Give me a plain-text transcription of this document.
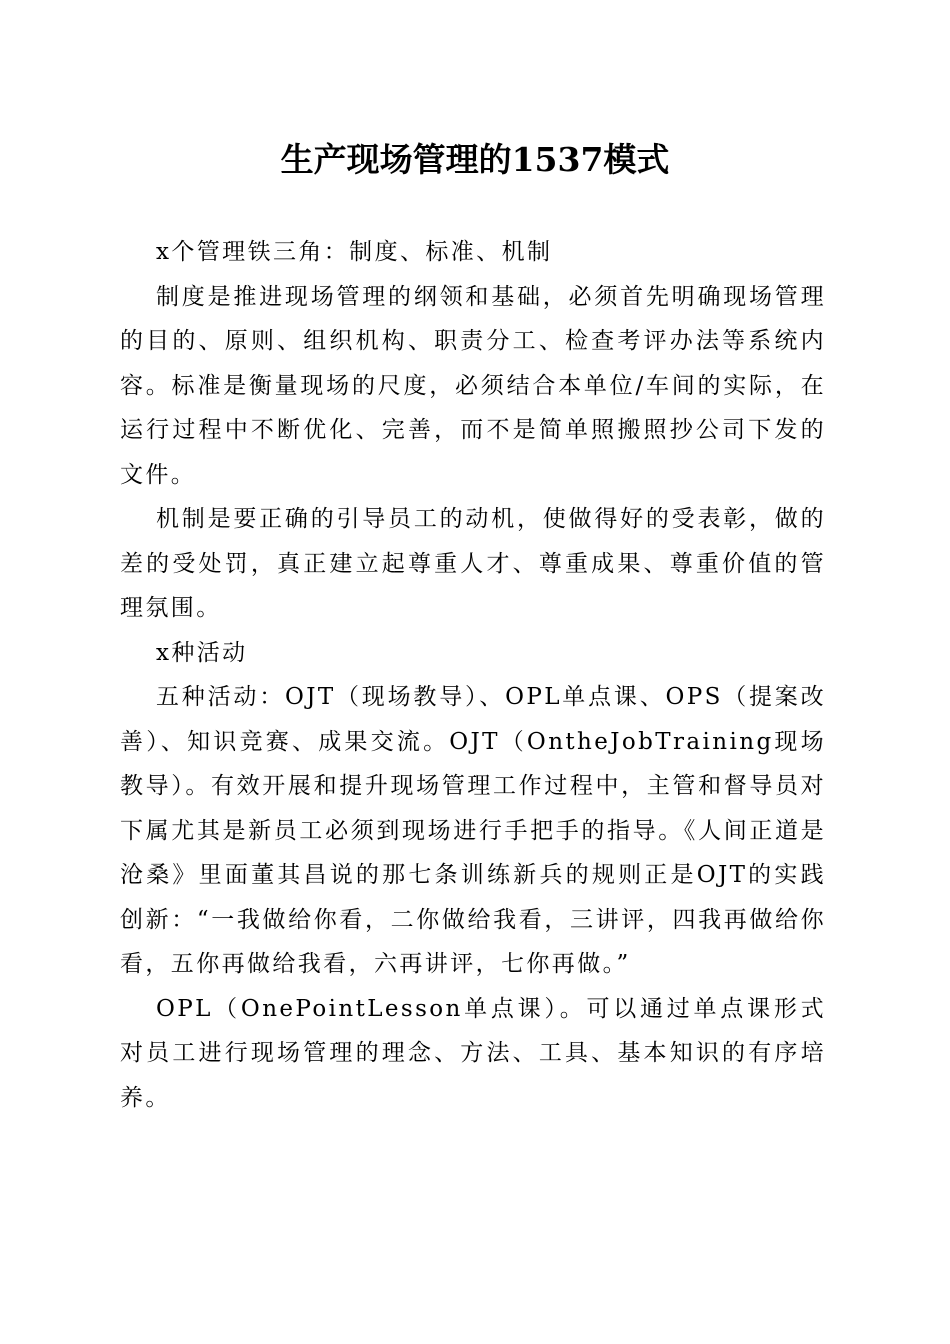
生产现场管理的1537模式

x个管理铁三角：制度、标准、机制

制度是推进现场管理的纲领和基础，必须首先明确现场管理的目的、原则、组织机构、职责分工、检查考评办法等系统内容。标准是衡量现场的尺度，必须结合本单位/车间的实际，在运行过程中不断优化、完善，而不是简单照搬照抄公司下发的文件。

机制是要正确的引导员工的动机，使做得好的受表彰，做的差的受处罚，真正建立起尊重人才、尊重成果、尊重价值的管理氛围。

x种活动

五种活动：OJT（现场教导）、OPL单点课、OPS（提案改善）、知识竞赛、成果交流。OJT（OntheJobTraining现场教导）。有效开展和提升现场管理工作过程中，主管和督导员对下属尤其是新员工必须到现场进行手把手的指导。《人间正道是沧桑》里面董其昌说的那七条训练新兵的规则正是OJT的实践创新：“一我做给你看，二你做给我看，三讲评，四我再做给你看，五你再做给我看，六再讲评，七你再做。”

OPL（OnePointLesson单点课）。可以通过单点课形式对员工进行现场管理的理念、方法、工具、基本知识的有序培养。
